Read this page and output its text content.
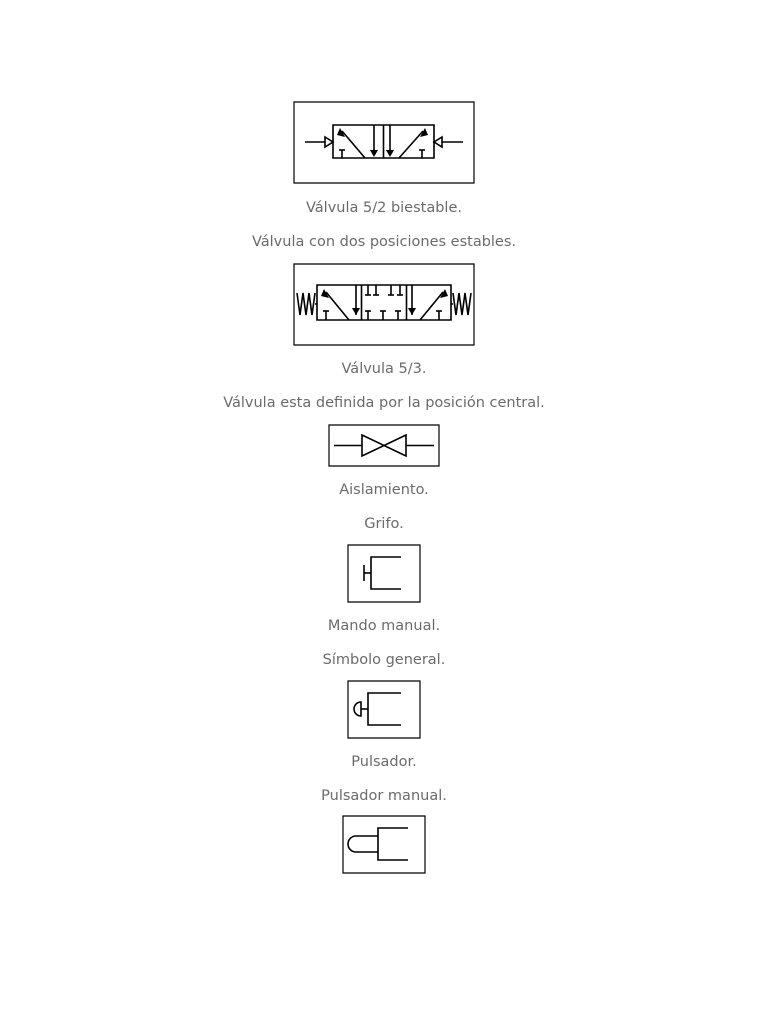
Válvula 5/2 biestable.

Válvula con dos posiciones estables.

Válvula 5/3.

Válvula esta definida por la posición central.

Aislamiento.

Grifo.

Mando manual.

Símbolo general.

Pulsador.

Pulsador manual.
